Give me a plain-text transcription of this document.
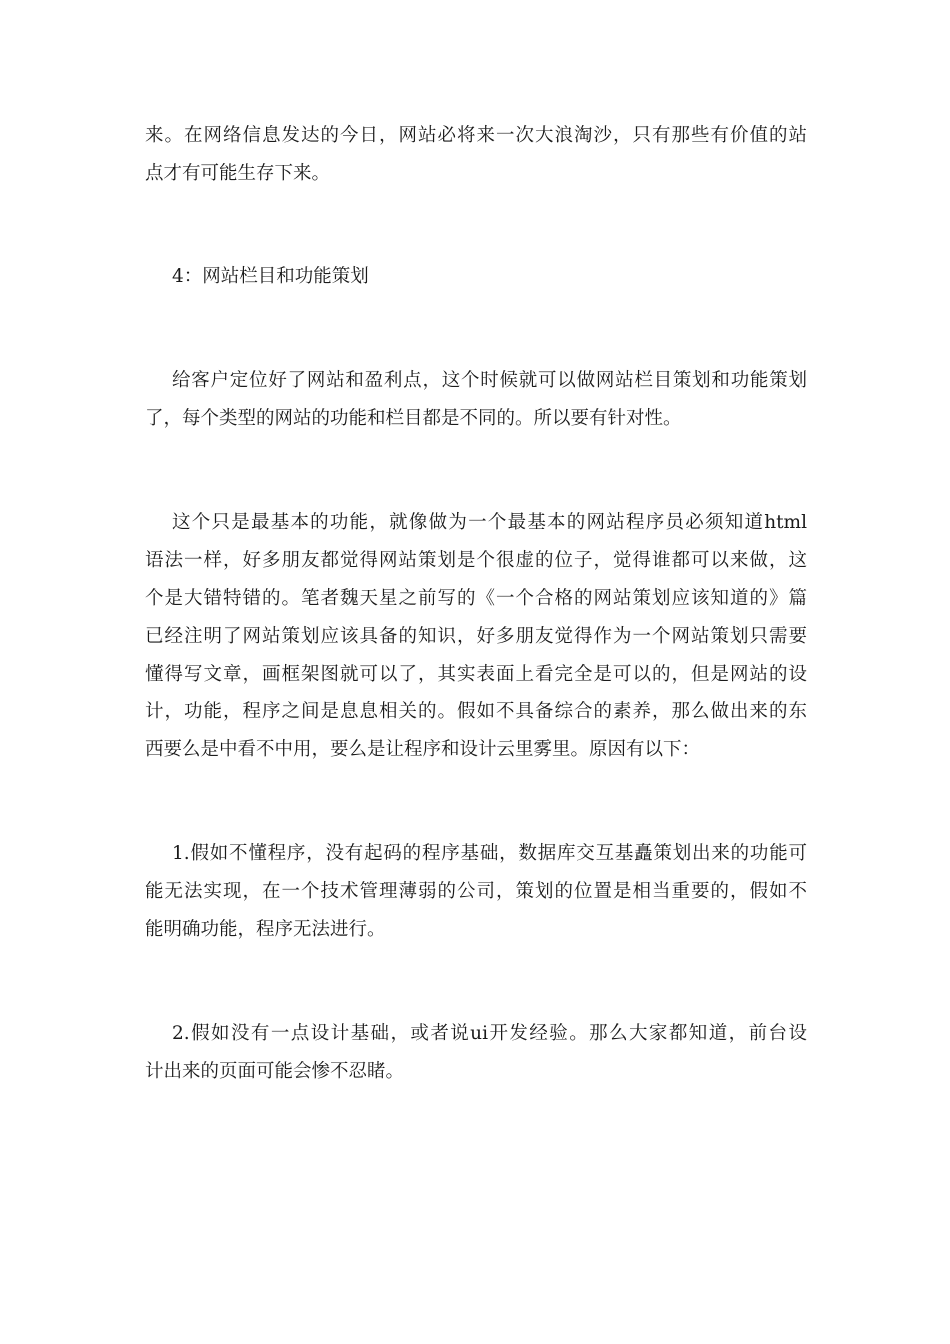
来。在网络信息发达的今日，网站必将来一次大浪淘沙，只有那些有价值的站
点才有可能生存下来。
4：网站栏目和功能策划
给客户定位好了网站和盈利点，这个时候就可以做网站栏目策划和功能策划
了，每个类型的网站的功能和栏目都是不同的。所以要有针对性。
这个只是最基本的功能，就像做为一个最基本的网站程序员必须知道html
语法一样，好多朋友都觉得网站策划是个很虚的位子，觉得谁都可以来做，这
个是大错特错的。笔者魏天星之前写的《一个合格的网站策划应该知道的》篇
已经注明了网站策划应该具备的知识，好多朋友觉得作为一个网站策划只需要
懂得写文章，画框架图就可以了，其实表面上看完全是可以的，但是网站的设
计，功能，程序之间是息息相关的。假如不具备综合的素养，那么做出来的东
西要么是中看不中用，要么是让程序和设计云里雾里。原因有以下：
1.假如不懂程序，没有起码的程序基础，数据库交互基矗策划出来的功能可
能无法实现，在一个技术管理薄弱的公司，策划的位置是相当重要的，假如不
能明确功能，程序无法进行。
2.假如没有一点设计基础，或者说ui开发经验。那么大家都知道，前台设
计出来的页面可能会惨不忍睹。
